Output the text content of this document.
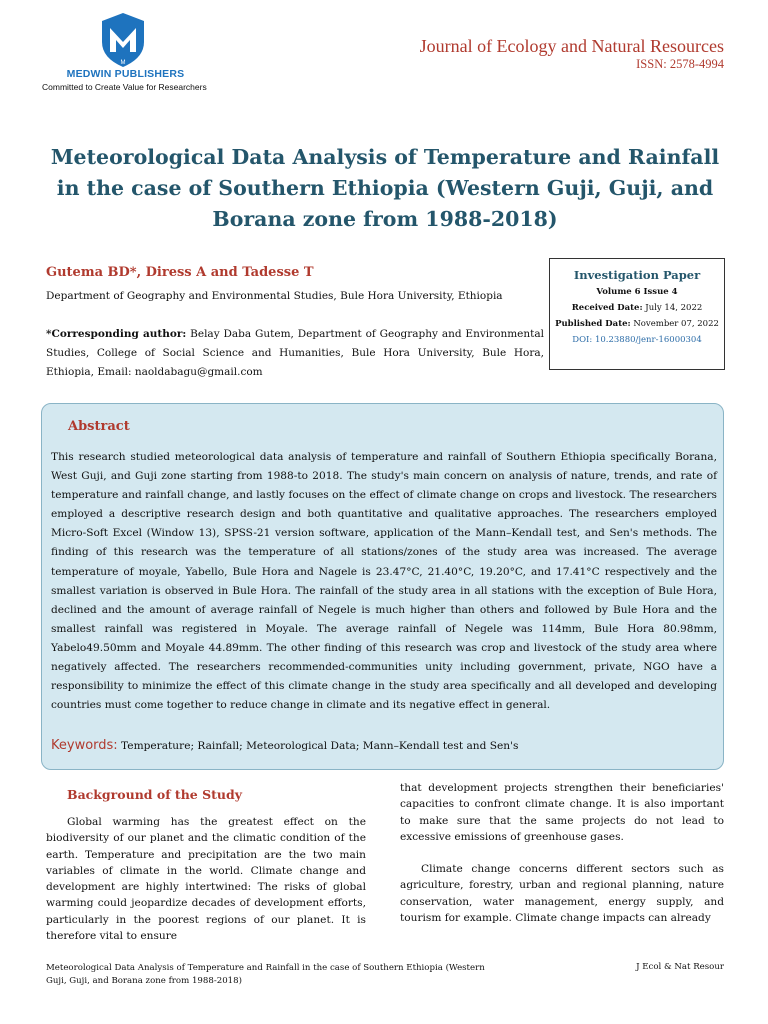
M
MEDWIN PUBLISHERS
Committed to Create Value for Researchers
Journal of Ecology and Natural Resources
ISSN: 2578-4994
Meteorological Data Analysis of Temperature and Rainfall in the case of Southern Ethiopia (Western Guji, Guji, and Borana zone from 1988-2018)
Gutema BD*, Diress A and Tadesse T
Department of Geography and Environmental Studies, Bule Hora University, Ethiopia
*Corresponding author: Belay Daba Gutem, Department of Geography and Environmental Studies, College of Social Science and Humanities, Bule Hora University, Bule Hora, Ethiopia, Email: naoldabagu@gmail.com
Investigation Paper
Volume 6 Issue 4
Received Date: July 14, 2022
Published Date: November 07, 2022
DOI: 10.23880/jenr-16000304
Abstract
This research studied meteorological data analysis of temperature and rainfall of Southern Ethiopia specifically Borana, West Guji, and Guji zone starting from 1988-to 2018. The study's main concern on analysis of nature, trends, and rate of temperature and rainfall change, and lastly focuses on the effect of climate change on crops and livestock. The researchers employed a descriptive research design and both quantitative and qualitative approaches. The researchers employed Micro-Soft Excel (Window 13), SPSS-21 version software, application of the Mann–Kendall test, and Sen's methods. The finding of this research was the temperature of all stations/zones of the study area was increased. The average temperature of moyale, Yabello, Bule Hora and Nagele is 23.47°C, 21.40°C, 19.20°C, and 17.41°C respectively and the smallest variation is observed in Bule Hora. The rainfall of the study area in all stations with the exception of Bule Hora, declined and the amount of average rainfall of Negele is much higher than others and followed by Bule Hora and the smallest rainfall was registered in Moyale. The average rainfall of Negele was 114mm, Bule Hora 80.98mm, Yabelo49.50mm and Moyale 44.89mm. The other finding of this research was crop and livestock of the study area where negatively affected. The researchers recommended-communities unity including government, private, NGO have a responsibility to minimize the effect of this climate change in the study area specifically and all developed and developing countries must come together to reduce change in climate and its negative effect in general.
Keywords: Temperature; Rainfall; Meteorological Data; Mann–Kendall test and Sen's
Background of the Study
Global warming has the greatest effect on the biodiversity of our planet and the climatic condition of the earth. Temperature and precipitation are the two main variables of climate in the world. Climate change and development are highly intertwined: The risks of global warming could jeopardize decades of development efforts, particularly in the poorest regions of our planet. It is therefore vital to ensure
that development projects strengthen their beneficiaries' capacities to confront climate change. It is also important to make sure that the same projects do not lead to excessive emissions of greenhouse gases.
Climate change concerns different sectors such as agriculture, forestry, urban and regional planning, nature conservation, water management, energy supply, and tourism for example. Climate change impacts can already
Meteorological Data Analysis of Temperature and Rainfall in the case of Southern Ethiopia (Western Guji, Guji, and Borana zone from 1988-2018)
J Ecol & Nat Resour
